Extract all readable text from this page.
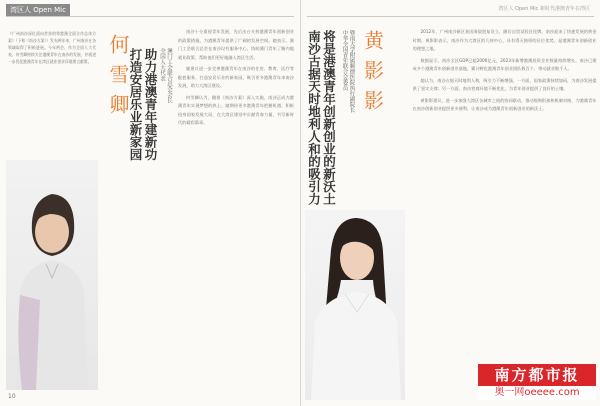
湾区人 Open Mic

《广州南沙深化面向世界的粤港澳全面合作总体方案》（下称《南沙方案》）发布两年来，广州南沙在各领域取得了积极进展。今年两会，作为全国人大代表，何雪卿持续关注港澳青年在南沙的发展，并就进一步优化港澳青年在湾区就业创业环境建言献策。 何雪卿	助力港澳青年建新功
打造安居乐业新家园	澳门工会联合总会会长
全国人大代表

南沙十分重视青年发展，先后出台支持港澳青年创新创业的政策措施，为港澳青年提供了广阔的发展空间。她表示，澳门工会联合总会在南沙设有服务中心，协助澳门青年了解内地就业政策，帮助他们更好地融入湾区生活。

她建议进一步完善港澳青年在南沙的住房、教育、医疗等配套服务，打造安居乐业的新家园，吸引更多港澳青年来南沙发展，助力大湾区建设。

何雪卿认为，随着《南沙方案》深入实施，南沙正成为港澳青年实现梦想的热土。她期待更多港澳青年把握机遇，积极投身国家发展大局，在大湾区建设中贡献青春力量，书写新时代的精彩篇章。

10
湾区人 Open Mic 新时代港澳青年在湾区
将是港澳青年创新创业的新沃土
南沙古据天时地利人和的吸引力	暨南大学附属顺德医院执行副院长
中华全国青年联合会委员 黄影影	2012年，广州南沙新区获国务院批复设立，随后自贸试验区挂牌，南沙迎来了快速发展的黄金时期。黄影影表示，南沙作为大湾区的几何中心，具有得天独厚的区位优势，是港澳青年创新创业的理想之地。

数据显示，南沙全区GDP已超2000亿元，2023年新增港澳投资企业数量持续增长。南沙已建成多个港澳青年创新创业基地，累计孵化港澳青年创业团队数百个，带动就业数千人。

她认为，南沙占据天时地利人和，吸引力不断增强。一方面，国家政策持续加码，为南沙发展提供了坚实支撑；另一方面，南沙营商环境不断优化，为青年创业提供了良好的土壤。

黄影影建议，进一步加强大湾区各城市之间的协同联动，推动规则衔接和机制对接，为港澳青年在南沙创新创业提供更多便利，让南沙成为港澳青年创新创业的新沃土。

南方都市报
奥一网oeeee.com
